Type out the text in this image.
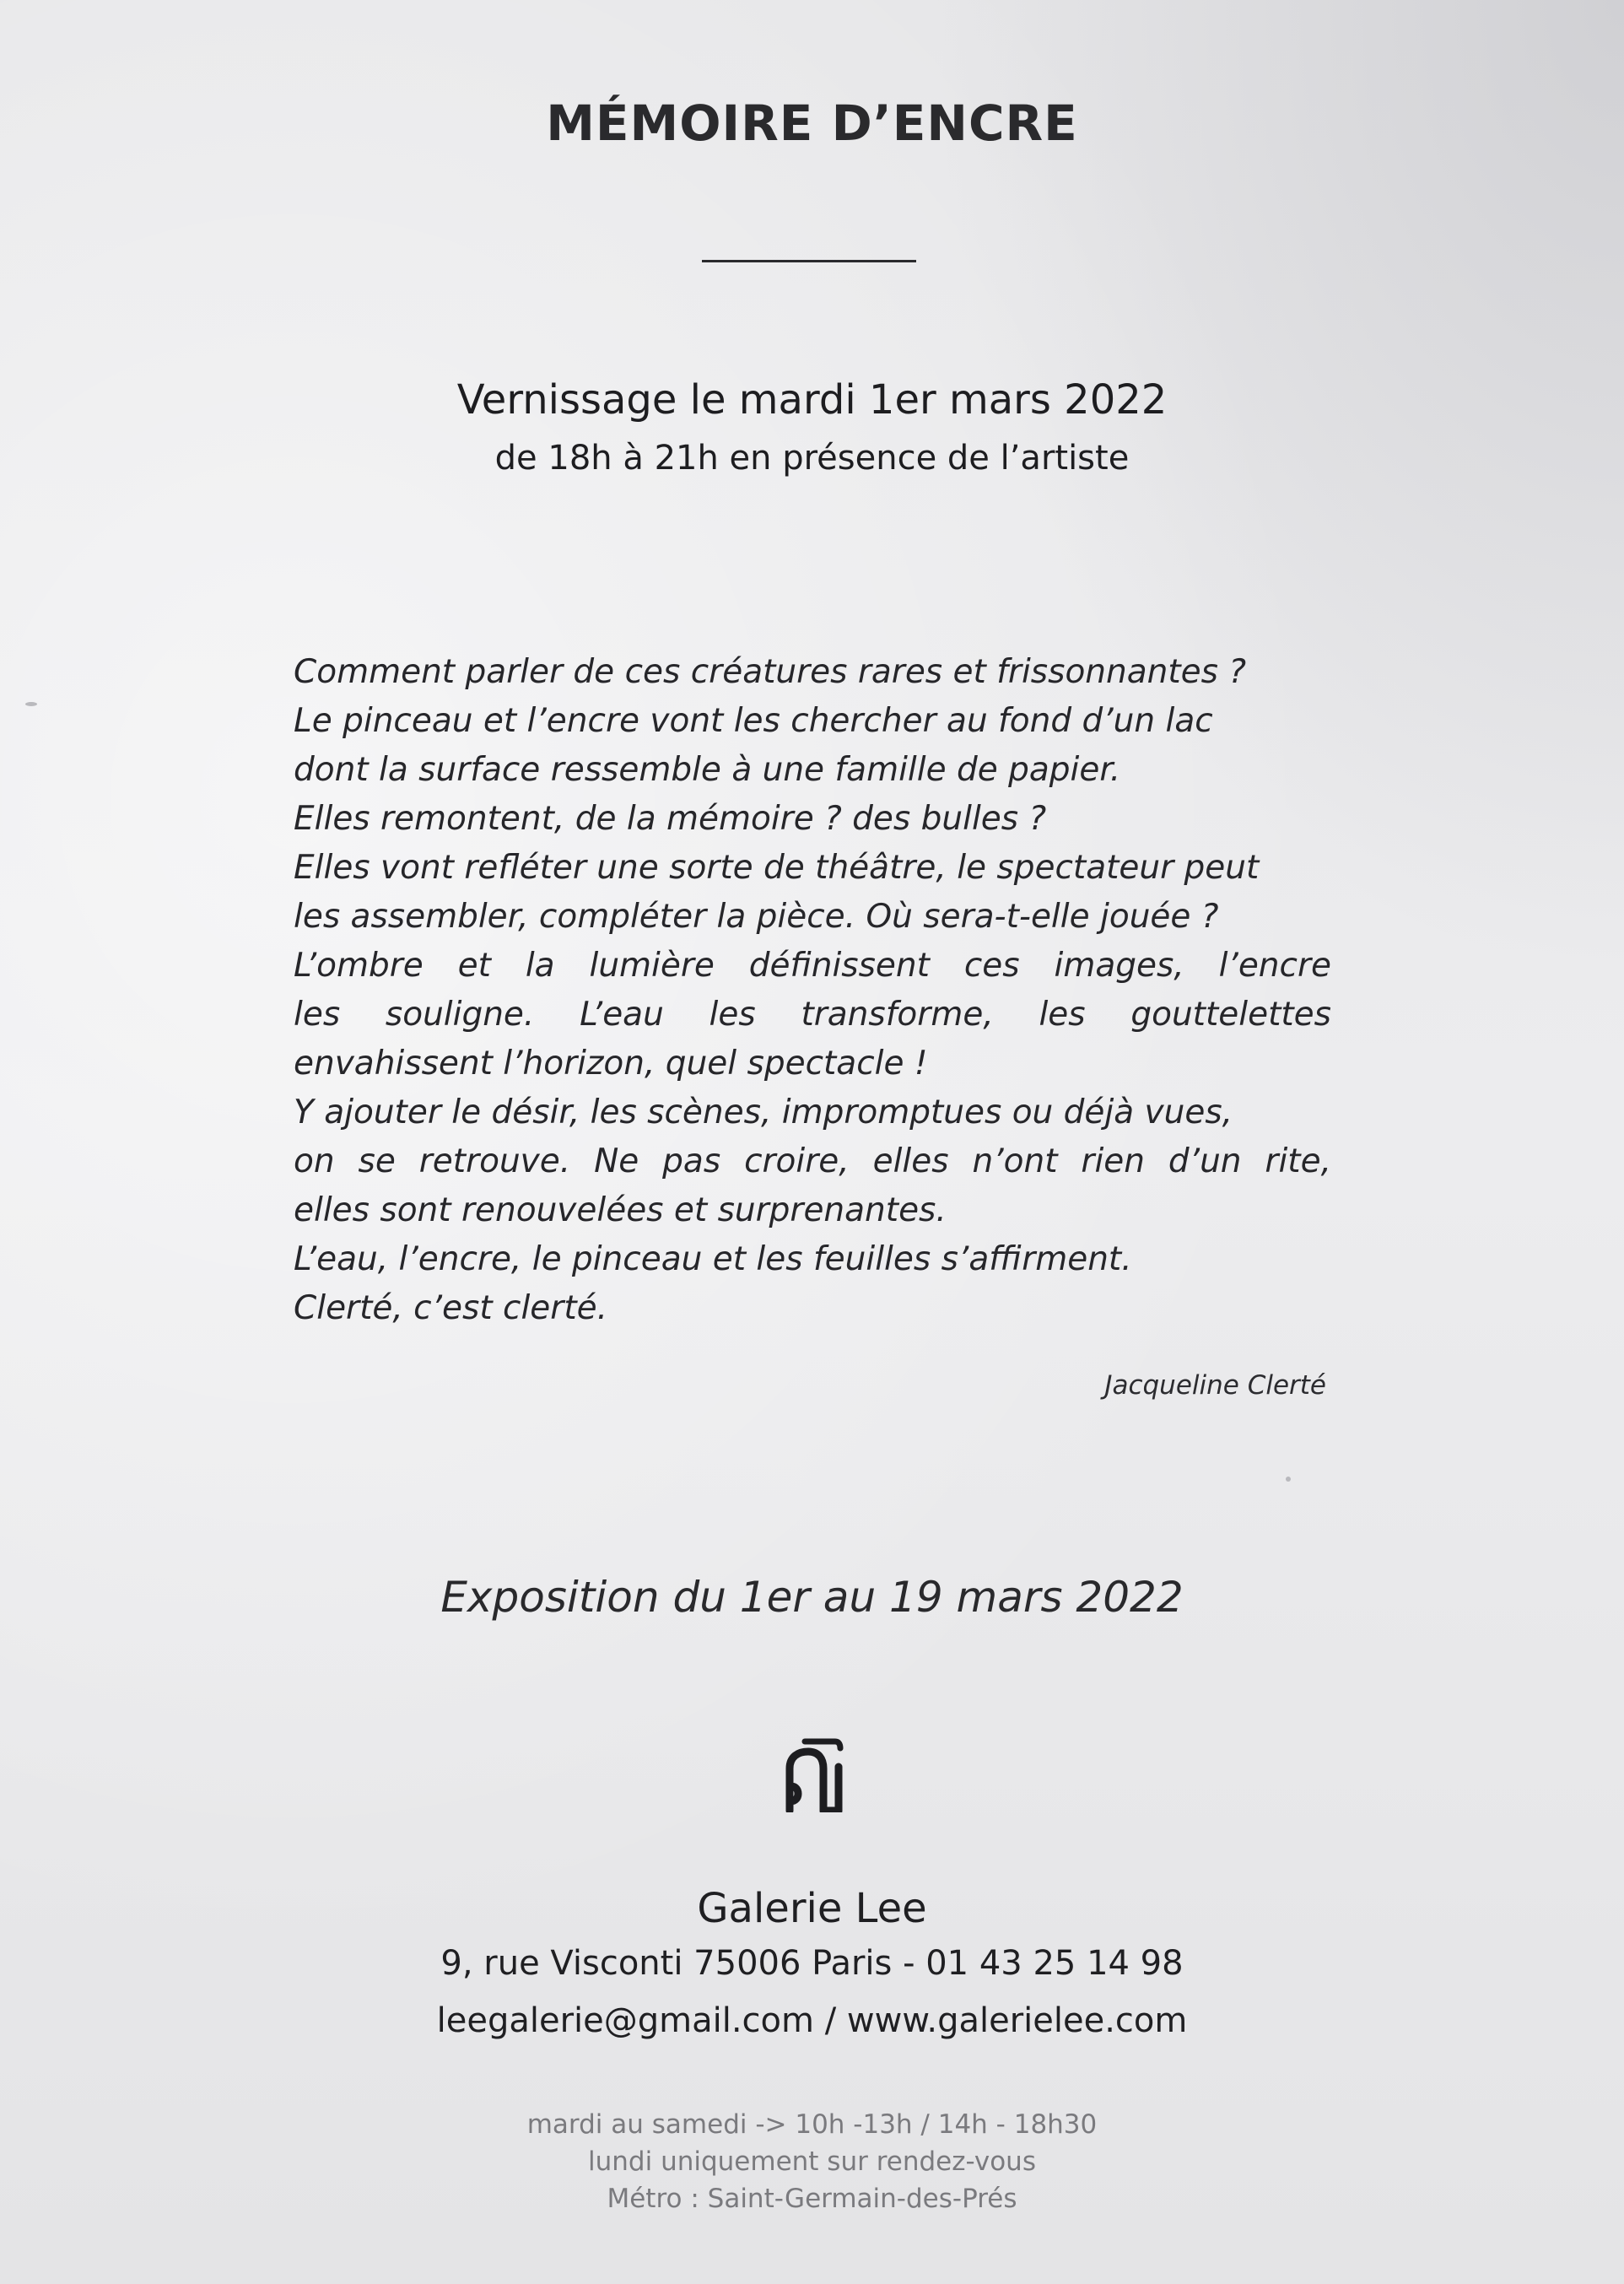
MÉMOIRE D’ENCRE

Vernissage le mardi 1er mars 2022

de 18h à 21h en présence de l’artiste

Comment parler de ces créatures rares et frissonnantes ?
Le pinceau et l’encre vont les chercher au fond d’un lac
dont la surface ressemble à une famille de papier.
Elles remontent, de la mémoire ? des bulles ?
Elles vont refléter une sorte de théâtre, le spectateur peut
les assembler, compléter la pièce. Où sera-t-elle jouée ?
L’ombre et la lumière définissent ces images, l’encre
les souligne. L’eau les transforme, les gouttelettes
envahissent l’horizon, quel spectacle !
Y ajouter le désir, les scènes, impromptues ou déjà vues,
on se retrouve. Ne pas croire, elles n’ont rien d’un rite,
elles sont renouvelées et surprenantes.
L’eau, l’encre, le pinceau et les feuilles s’affirment.
Clerté, c’est clerté.

Jacqueline Clerté

Exposition du 1er au 19 mars 2022

Galerie Lee

9, rue Visconti 75006 Paris - 01 43 25 14 98

leegalerie@gmail.com / www.galerielee.com

mardi au samedi -> 10h -13h / 14h - 18h30
lundi uniquement sur rendez-vous
Métro : Saint-Germain-des-Prés
